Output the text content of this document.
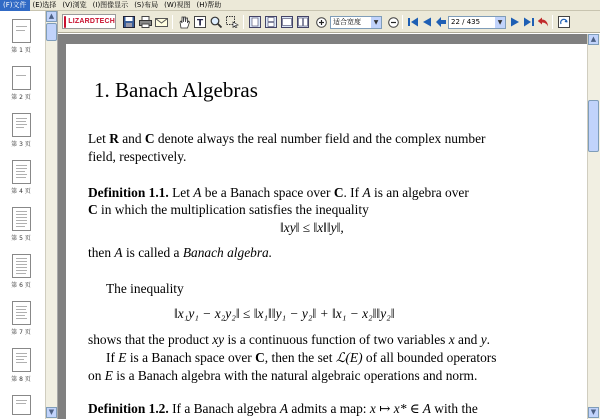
(F)文件 (E)选择 (V)浏览 (I)图像显示 (S)布局 (W)视图 (H)帮助
第 1 页
第 2 页
第 3 页
第 4 页
第 5 页
第 6 页
第 7 页
第 8 页
▲
▼
LIZARDTECH	T	适合宽度	▼	22 / 435	▼
1. Banach Algebras
Let R and C denote always the real number field and the complex number
field, respectively.
Definition 1.1. Let A be a Banach space over C. If A is an algebra over
C in which the multiplication satisfies the inequality
‖xy‖ ≤ ‖x‖‖y‖,
then A is called a Banach algebra.
The inequality
‖x₁y₁ − x₂y₂‖ ≤ ‖x₁‖‖y₁ − y₂‖ + ‖x₁ − x₂‖‖y₂‖
shows that the product xy is a continuous function of two variables x and y.
If E is a Banach space over C, then the set ℒ(E) of all bounded operators
on E is a Banach algebra with the natural algebraic operations and norm.
Definition 1.2. If a Banach algebra A admits a map: x ↦ x* ∈ A with the
▲
▼
